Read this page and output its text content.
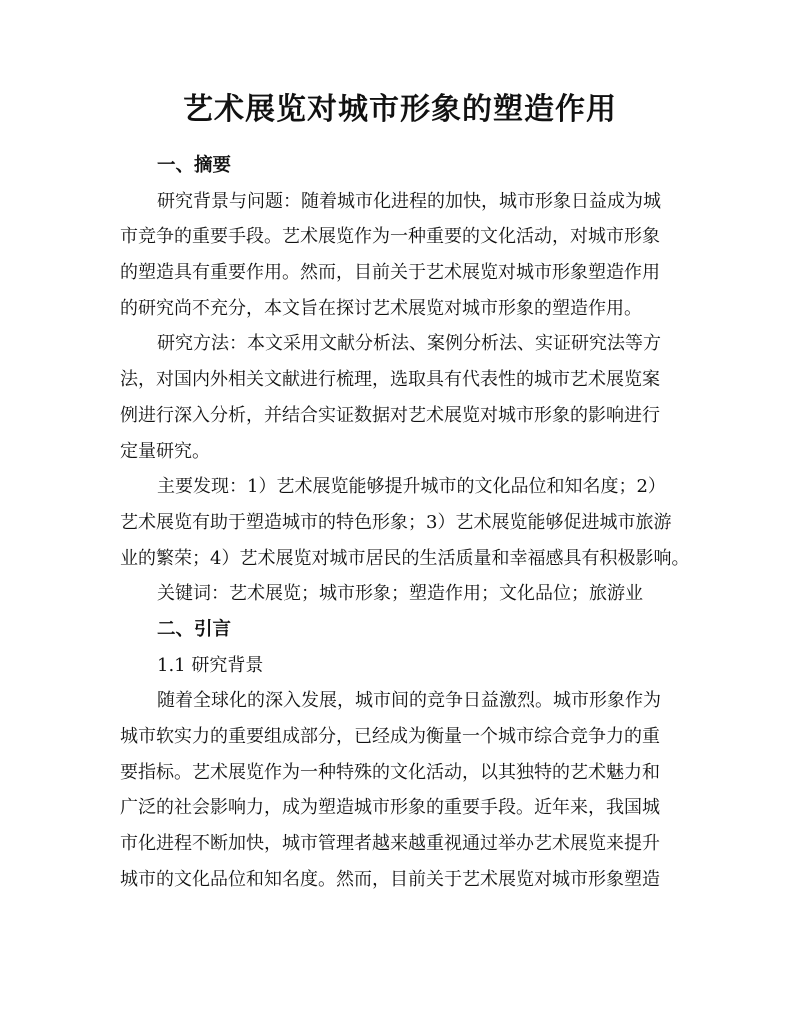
艺术展览对城市形象的塑造作用
一、摘要
研究背景与问题：随着城市化进程的加快，城市形象日益成为城
市竞争的重要手段。艺术展览作为一种重要的文化活动，对城市形象
的塑造具有重要作用。然而，目前关于艺术展览对城市形象塑造作用
的研究尚不充分，本文旨在探讨艺术展览对城市形象的塑造作用。
研究方法：本文采用文献分析法、案例分析法、实证研究法等方
法，对国内外相关文献进行梳理，选取具有代表性的城市艺术展览案
例进行深入分析，并结合实证数据对艺术展览对城市形象的影响进行
定量研究。
主要发现：1）艺术展览能够提升城市的文化品位和知名度；2）
艺术展览有助于塑造城市的特色形象；3）艺术展览能够促进城市旅游
业的繁荣；4）艺术展览对城市居民的生活质量和幸福感具有积极影响。
关键词：艺术展览；城市形象；塑造作用；文化品位；旅游业
二、引言
1.1 研究背景
随着全球化的深入发展，城市间的竞争日益激烈。城市形象作为
城市软实力的重要组成部分，已经成为衡量一个城市综合竞争力的重
要指标。艺术展览作为一种特殊的文化活动，以其独特的艺术魅力和
广泛的社会影响力，成为塑造城市形象的重要手段。近年来，我国城
市化进程不断加快，城市管理者越来越重视通过举办艺术展览来提升
城市的文化品位和知名度。然而，目前关于艺术展览对城市形象塑造
